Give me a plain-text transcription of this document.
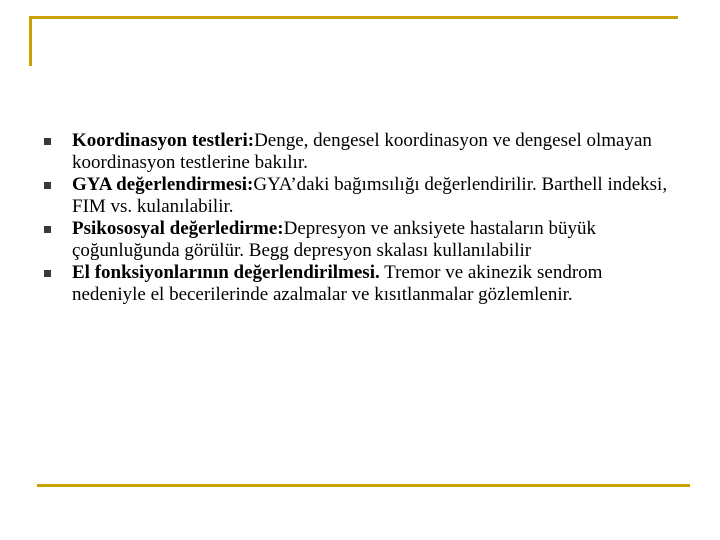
Koordinasyon testleri:Denge, dengesel koordinasyon ve dengesel olmayan koordinasyon testlerine bakılır.
GYA değerlendirmesi:GYA’daki bağımsılığı değerlendirilir. Barthell indeksi, FIM vs. kulanılabilir.
Psikososyal değerledirme:Depresyon ve anksiyete hastaların büyük çoğunluğunda görülür. Begg depresyon skalası kullanılabilir
El fonksiyonlarının değerlendirilmesi. Tremor ve akinezik sendrom nedeniyle el becerilerinde azalmalar ve kısıtlanmalar gözlemlenir.
